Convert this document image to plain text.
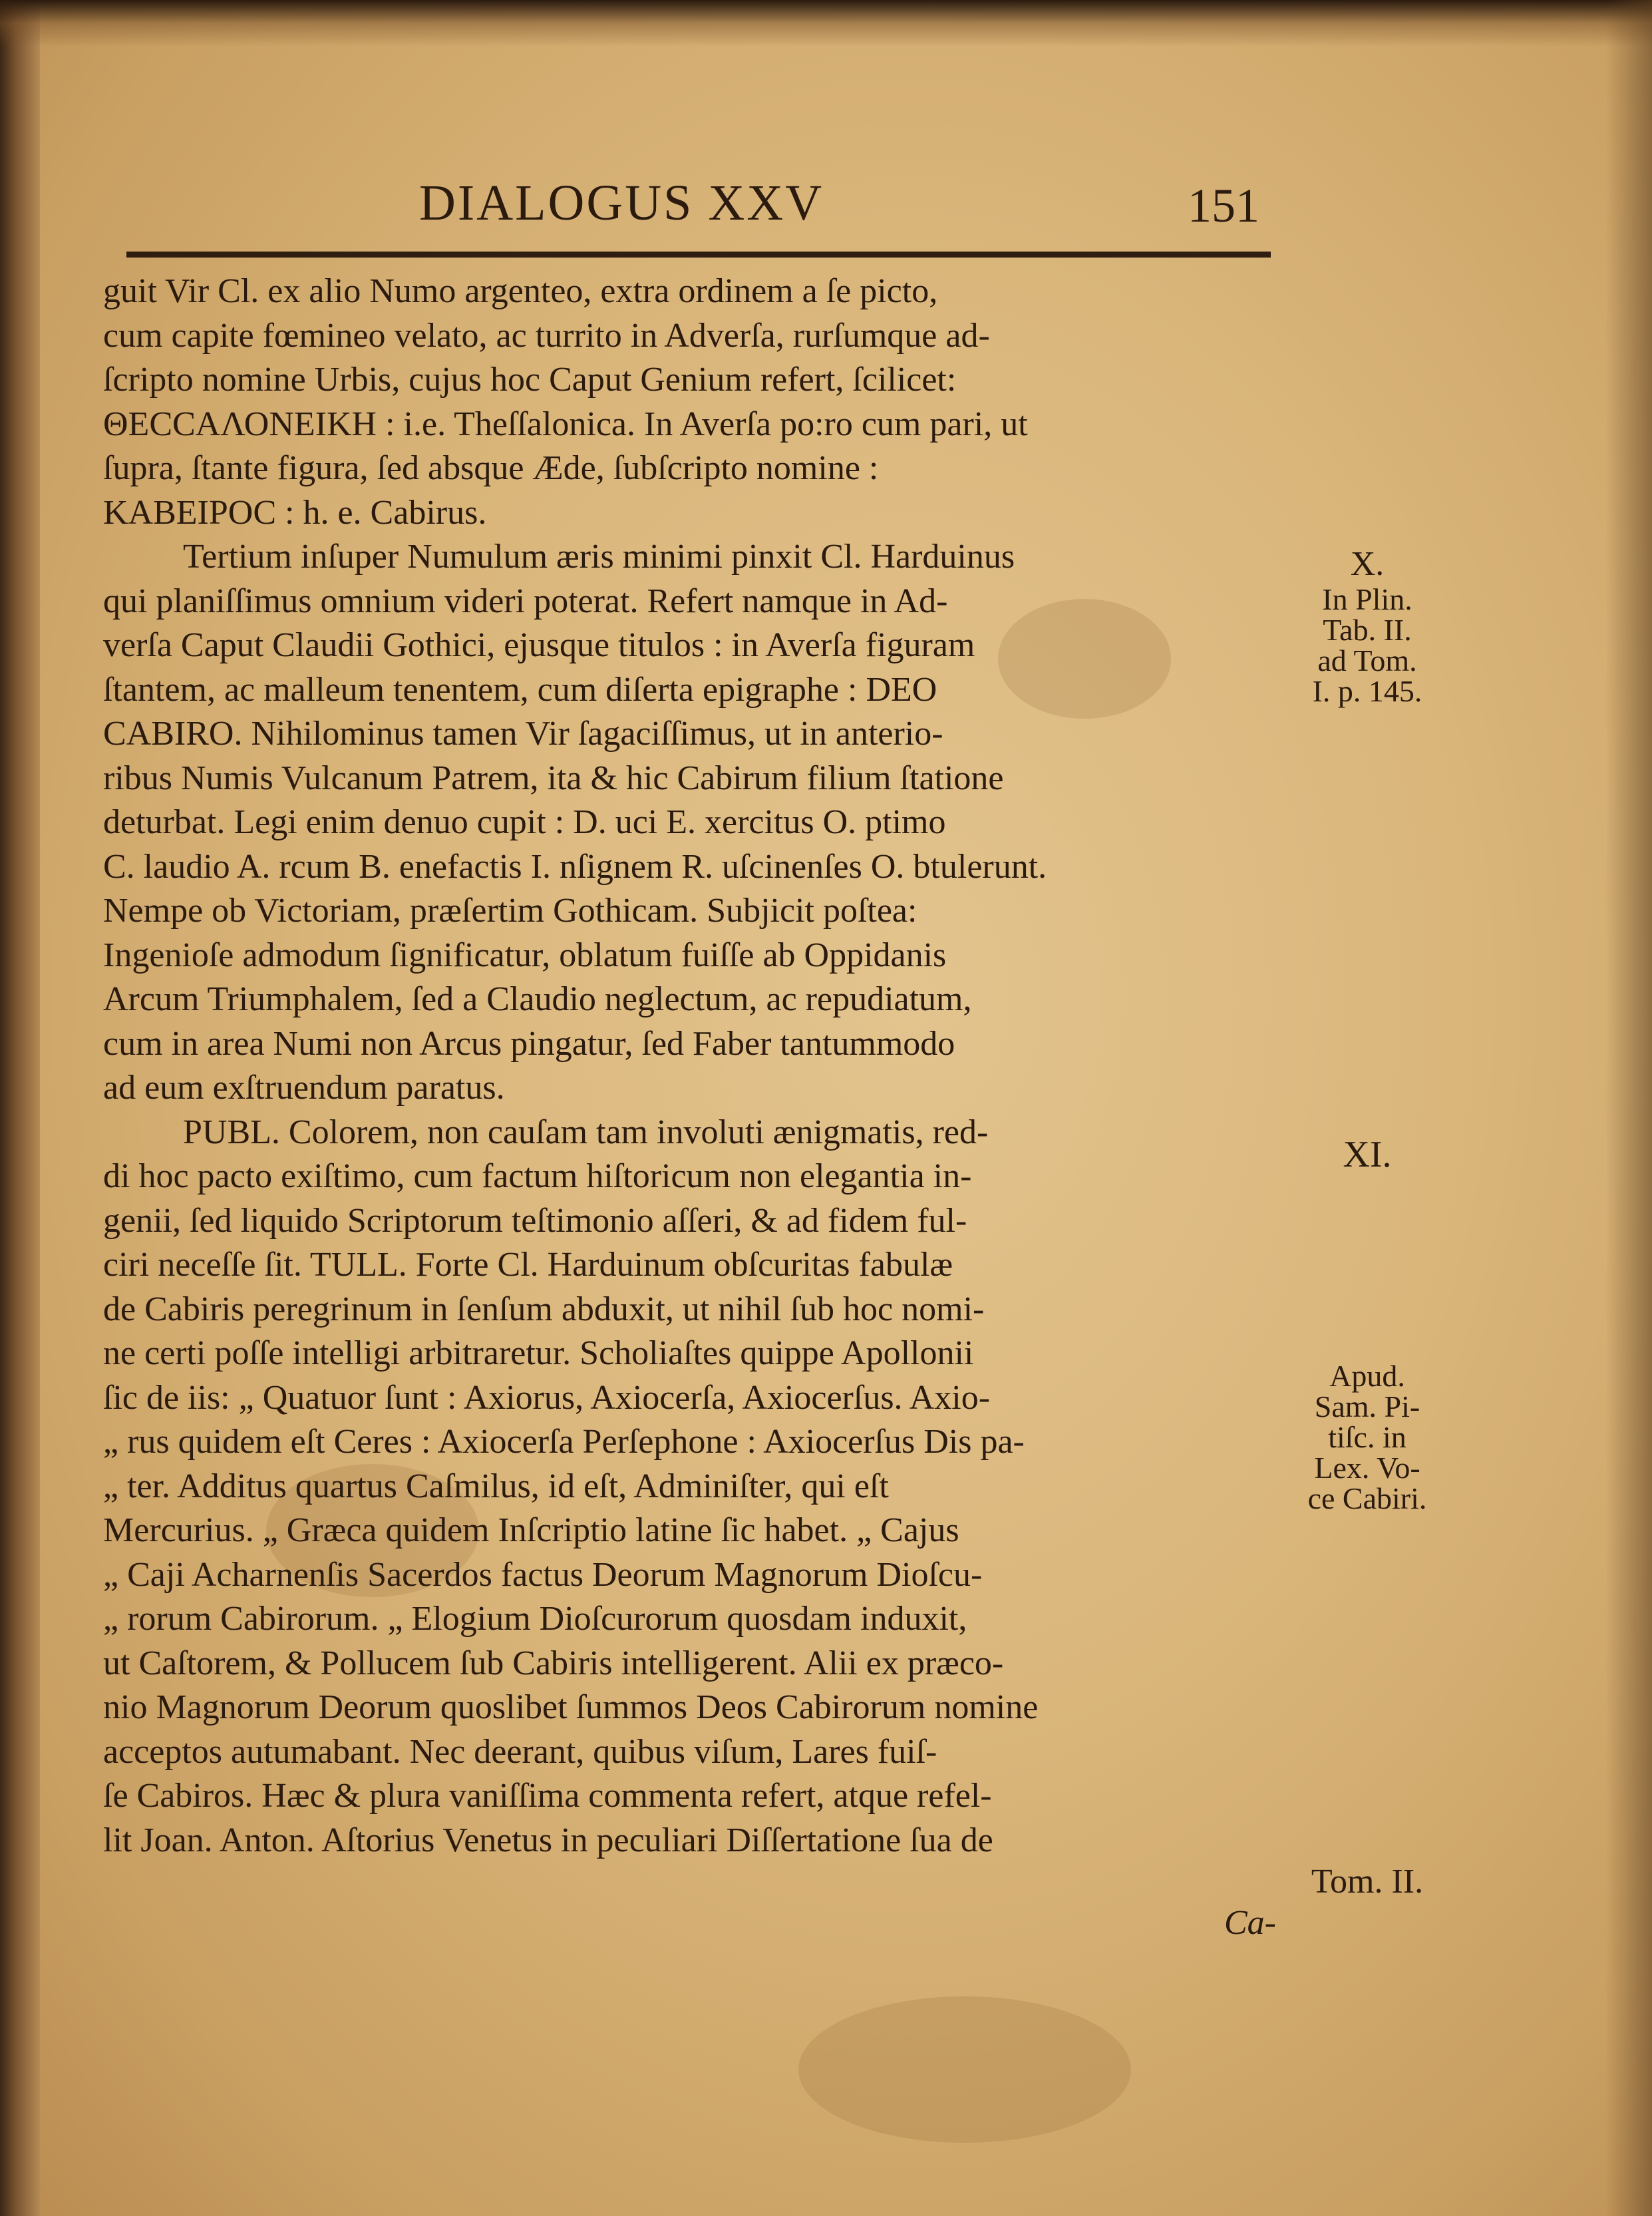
DIALOGUS XXV	151
guit Vir Cl. ex alio Numo argenteo, extra ordinem a ſe picto,
cum capite fœmineo velato, ac turrito in Adverſa, rurſumque ad-
ſcripto nomine Urbis, cujus hoc Caput Genium refert, ſcilicet:
ΘΕϹϹΑΛΟΝΕΙΚΗ : i.e. Theſſalonica. In Averſa po:ro cum pari, ut
ſupra, ſtante figura, ſed absque Æde, ſubſcripto nomine :
ΚΑΒΕΙΡΟϹ : h. e. Cabirus.
Tertium inſuper Numulum æris minimi pinxit Cl. Harduinus
qui planiſſimus omnium videri poterat. Refert namque in Ad-
verſa Caput Claudii Gothici, ejusque titulos : in Averſa figuram
ſtantem, ac malleum tenentem, cum diſerta epigraphe : DEO
CABIRO. Nihilominus tamen Vir ſagaciſſimus, ut in anterio-
ribus Numis Vulcanum Patrem, ita & hic Cabirum filium ſtatione
deturbat. Legi enim denuo cupit : D. uci E. xercitus O. ptimo
C. laudio A. rcum B. enefactis I. nſignem R. uſcinenſes O. btulerunt.
Nempe ob Victoriam, præſertim Gothicam. Subjicit poſtea:
Ingenioſe admodum ſignificatur, oblatum fuiſſe ab Oppidanis
Arcum Triumphalem, ſed a Claudio neglectum, ac repudiatum,
cum in area Numi non Arcus pingatur, ſed Faber tantummodo
ad eum exſtruendum paratus.
PUBL. Colorem, non cauſam tam involuti ænigmatis, red-
di hoc pacto exiſtimo, cum factum hiſtoricum non elegantia in-
genii, ſed liquido Scriptorum teſtimonio aſſeri, & ad fidem ful-
ciri neceſſe ſit. TULL. Forte Cl. Harduinum obſcuritas fabulæ
de Cabiris peregrinum in ſenſum abduxit, ut nihil ſub hoc nomi-
ne certi poſſe intelligi arbitraretur. Scholiaſtes quippe Apollonii
ſic de iis: „ Quatuor ſunt : Axiorus, Axiocerſa, Axiocerſus. Axio-
„ rus quidem eſt Ceres : Axiocerſa Perſephone : Axiocerſus Dis pa-
„ ter. Additus quartus Caſmilus, id eſt, Adminiſter, qui eſt
Mercurius. „ Græca quidem Inſcriptio latine ſic habet. „ Cajus
„ Caji Acharnenſis Sacerdos factus Deorum Magnorum Dioſcu-
„ rorum Cabirorum. „ Elogium Dioſcurorum quosdam induxit,
ut Caſtorem, & Pollucem ſub Cabiris intelligerent. Alii ex præco-
nio Magnorum Deorum quoslibet ſummos Deos Cabirorum nomine
acceptos autumabant. Nec deerant, quibus viſum, Lares fuiſ-
ſe Cabiros. Hæc & plura vaniſſima commenta refert, atque refel-
lit Joan. Anton. Aſtorius Venetus in peculiari Diſſertatione ſua de
Ca-
X.
In Plin.
Tab. II.
ad Tom.
I. p. 145.
XI.
Apud.
Sam. Pi-
tiſc. in
Lex. Vo-
ce Cabiri.
Tom. II.
